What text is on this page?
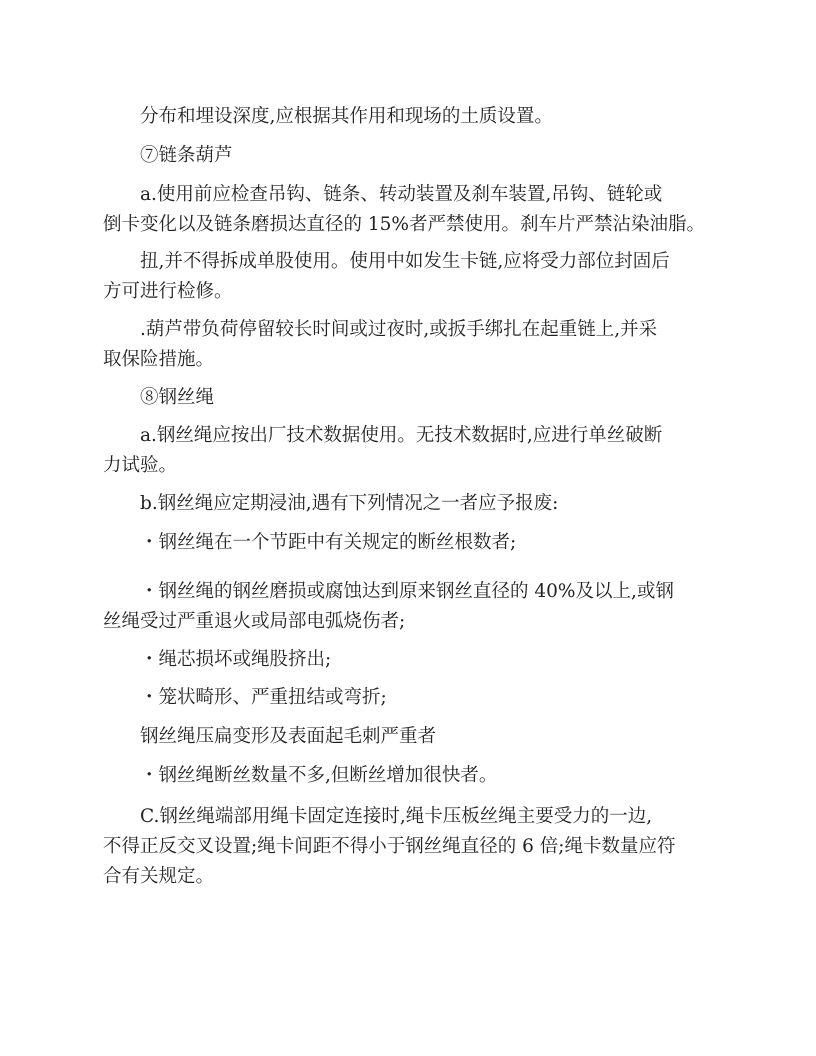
分布和埋设深度,应根据其作用和现场的土质设置。
⑦链条葫芦
a.使用前应检查吊钩、链条、转动装置及刹车装置,吊钩、链轮或
倒卡变化以及链条磨损达直径的 15%者严禁使用。刹车片严禁沾染油脂。
扭,并不得拆成单股使用。使用中如发生卡链,应将受力部位封固后
方可进行检修。
.葫芦带负荷停留较长时间或过夜时,或扳手绑扎在起重链上,并采
取保险措施。
⑧钢丝绳
a.钢丝绳应按出厂技术数据使用。无技术数据时,应进行单丝破断
力试验。
b.钢丝绳应定期浸油,遇有下列情况之一者应予报废:
・钢丝绳在一个节距中有关规定的断丝根数者;
・钢丝绳的钢丝磨损或腐蚀达到原来钢丝直径的 40%及以上,或钢
丝绳受过严重退火或局部电弧烧伤者;
・绳芯损坏或绳股挤出;
・笼状畸形、严重扭结或弯折;
钢丝绳压扁变形及表面起毛刺严重者
・钢丝绳断丝数量不多,但断丝增加很快者。
C.钢丝绳端部用绳卡固定连接时,绳卡压板丝绳主要受力的一边,
不得正反交叉设置;绳卡间距不得小于钢丝绳直径的 6 倍;绳卡数量应符
合有关规定。
